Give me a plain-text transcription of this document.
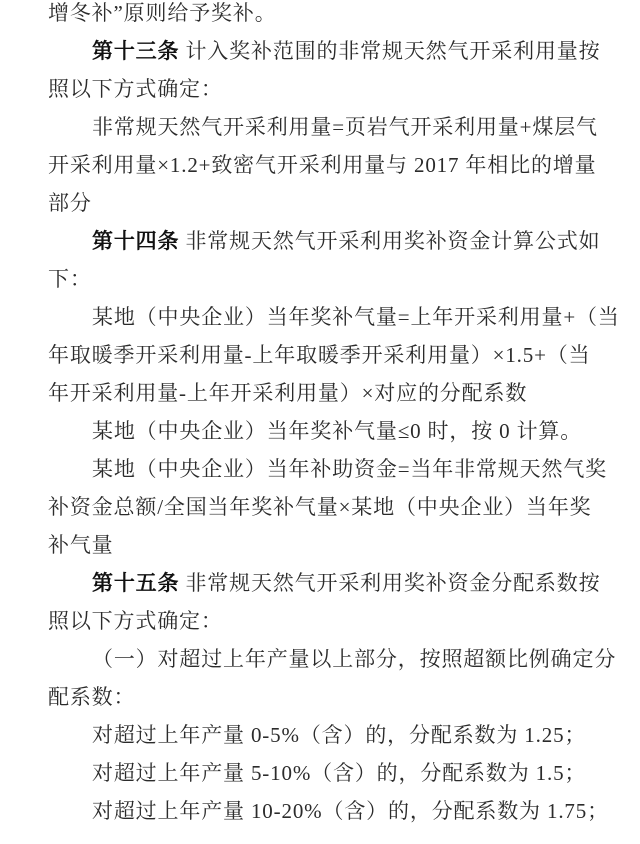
增冬补”原则给予奖补。
第十三条 计入奖补范围的非常规天然气开采利用量按
照以下方式确定：
非常规天然气开采利用量=页岩气开采利用量+煤层气
开采利用量×1.2+致密气开采利用量与 2017 年相比的增量
部分
第十四条 非常规天然气开采利用奖补资金计算公式如
下：
某地（中央企业）当年奖补气量=上年开采利用量+（当
年取暖季开采利用量-上年取暖季开采利用量）×1.5+（当
年开采利用量-上年开采利用量）×对应的分配系数
某地（中央企业）当年奖补气量≤0 时，按 0 计算。
某地（中央企业）当年补助资金=当年非常规天然气奖
补资金总额/全国当年奖补气量×某地（中央企业）当年奖
补气量
第十五条 非常规天然气开采利用奖补资金分配系数按
照以下方式确定：
（一）对超过上年产量以上部分，按照超额比例确定分
配系数：
对超过上年产量 0-5%（含）的，分配系数为 1.25；
对超过上年产量 5-10%（含）的，分配系数为 1.5；
对超过上年产量 10-20%（含）的，分配系数为 1.75；
